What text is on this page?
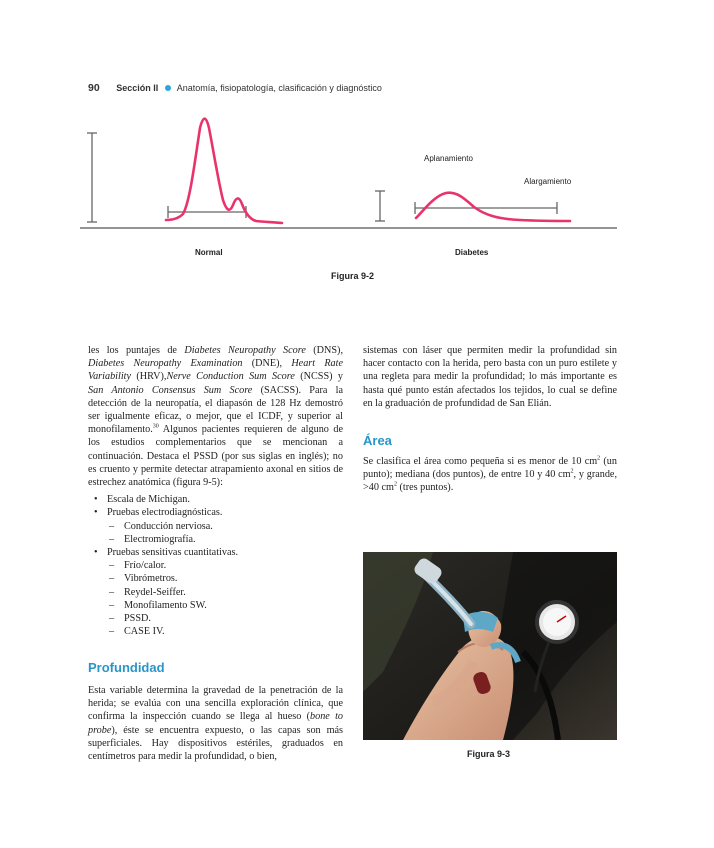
90 Sección II Anatomía, fisiopatología, clasificación y diagnóstico
Aplanamiento
Alargamiento
Normal	Diabetes
Figura 9-2

les los puntajes de Diabetes Neuropathy Score (DNS), Diabetes Neuropathy Examination (DNE), Heart Rate Variability (HRV),Nerve Conduction Sum Score (NCSS) y San Antonio Consensus Sum Score (SACSS). Para la detección de la neuropatía, el diapasón de 128 Hz demostró ser igualmente eficaz, o mejor, que el ICDF, y superior al monofilamento.$^{30}$ Algunos pacientes requieren de alguno de los estudios complementarios que se mencionan a continuación. Destaca el PSSD (por sus siglas en inglés); no es cruento y permite detectar atrapamiento axonal en sitios de estrechez anatómica (figura 9-5):

• Escala de Michigan.
• Pruebas electrodiagnósticas.
– Conducción nerviosa.
– Electromiografía.
• Pruebas sensitivas cuantitativas.
– Frío/calor.
– Vibrómetros.
– Reydel-Seiffer.
– Monofilamento SW.
– PSSD.
– CASE IV.
Profundidad

Esta variable determina la gravedad de la penetración de la herida; se evalúa con una sencilla exploración clínica, que confirma la inspección cuando se llega al hueso (bone to probe), éste se encuentra expuesto, o las capas son más superficiales. Hay dispositivos estériles, graduados en centímetros para medir la profundidad, o bien,

sistemas con láser que permiten medir la profundidad sin hacer contacto con la herida, pero basta con un puro estilete y una regleta para medir la profundidad; lo más importante es hasta qué punto están afectados los tejidos, lo cual se define en la graduación de profundidad de San Elián.

Área

Se clasifica el área como pequeña si es menor de 10 $cm^2$ (un punto); mediana (dos puntos), de entre 10 y 40 $cm^2$, y grande, >40 $cm^2$ (tres puntos).

Figura 9-3
